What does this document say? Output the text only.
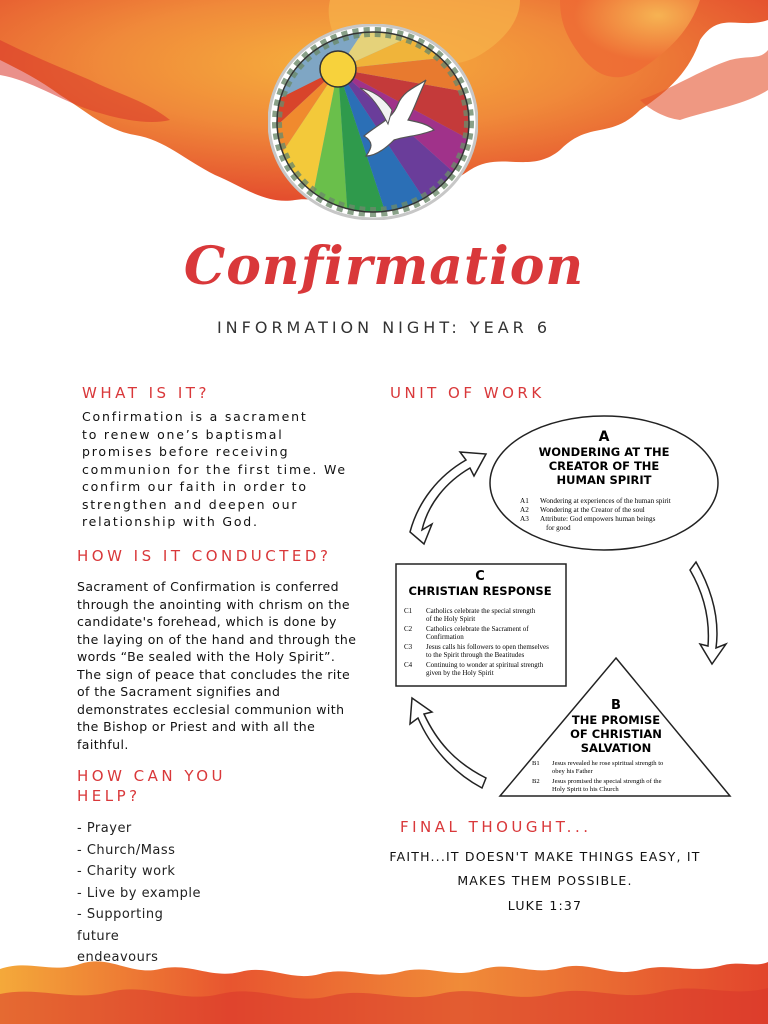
Confirmation
INFORMATION NIGHT: YEAR 6
WHAT IS IT?
Confirmation is a sacrament
to renew one’s baptismal
promises before receiving
communion for the first time. We
confirm our faith in order to
strengthen and deepen our
relationship with God.
HOW IS IT CONDUCTED?
Sacrament of Confirmation is conferred
through the anointing with chrism on the
candidate's forehead, which is done by
the laying on of the hand and through the
words “Be sealed with the Holy Spirit”.
The sign of peace that concludes the rite
of the Sacrament signifies and
demonstrates ecclesial communion with
the Bishop or Priest and with all the
faithful.
HOW CAN YOU
HELP?
- Prayer
- Church/Mass
- Charity work
- Live by example
- Supporting
future
endeavours
UNIT OF WORK
A
WONDERING AT THE
CREATOR OF THE
HUMAN SPIRIT
A1 Wondering at experiences of the human spirit
A2 Wondering at the Creator of the soul
A3 Attribute: God empowers human beings
for good
C
CHRISTIAN RESPONSE
C1 Catholics celebrate the special strength
of the Holy Spirit
C2 Catholics celebrate the Sacrament of
Confirmation
C3 Jesus calls his followers to open themselves
to the Spirit through the Beatitudes
C4 Continuing to wonder at spiritual strength
given by the Holy Spirit
B
THE PROMISE
OF CHRISTIAN
SALVATION
B1 Jesus revealed he rose spiritual strength to
obey his Father
B2 Jesus promised the special strength of the
Holy Spirit to his Church
FINAL THOUGHT...
FAITH...IT DOESN'T MAKE THINGS EASY, IT
MAKES THEM POSSIBLE.
LUKE 1:37
